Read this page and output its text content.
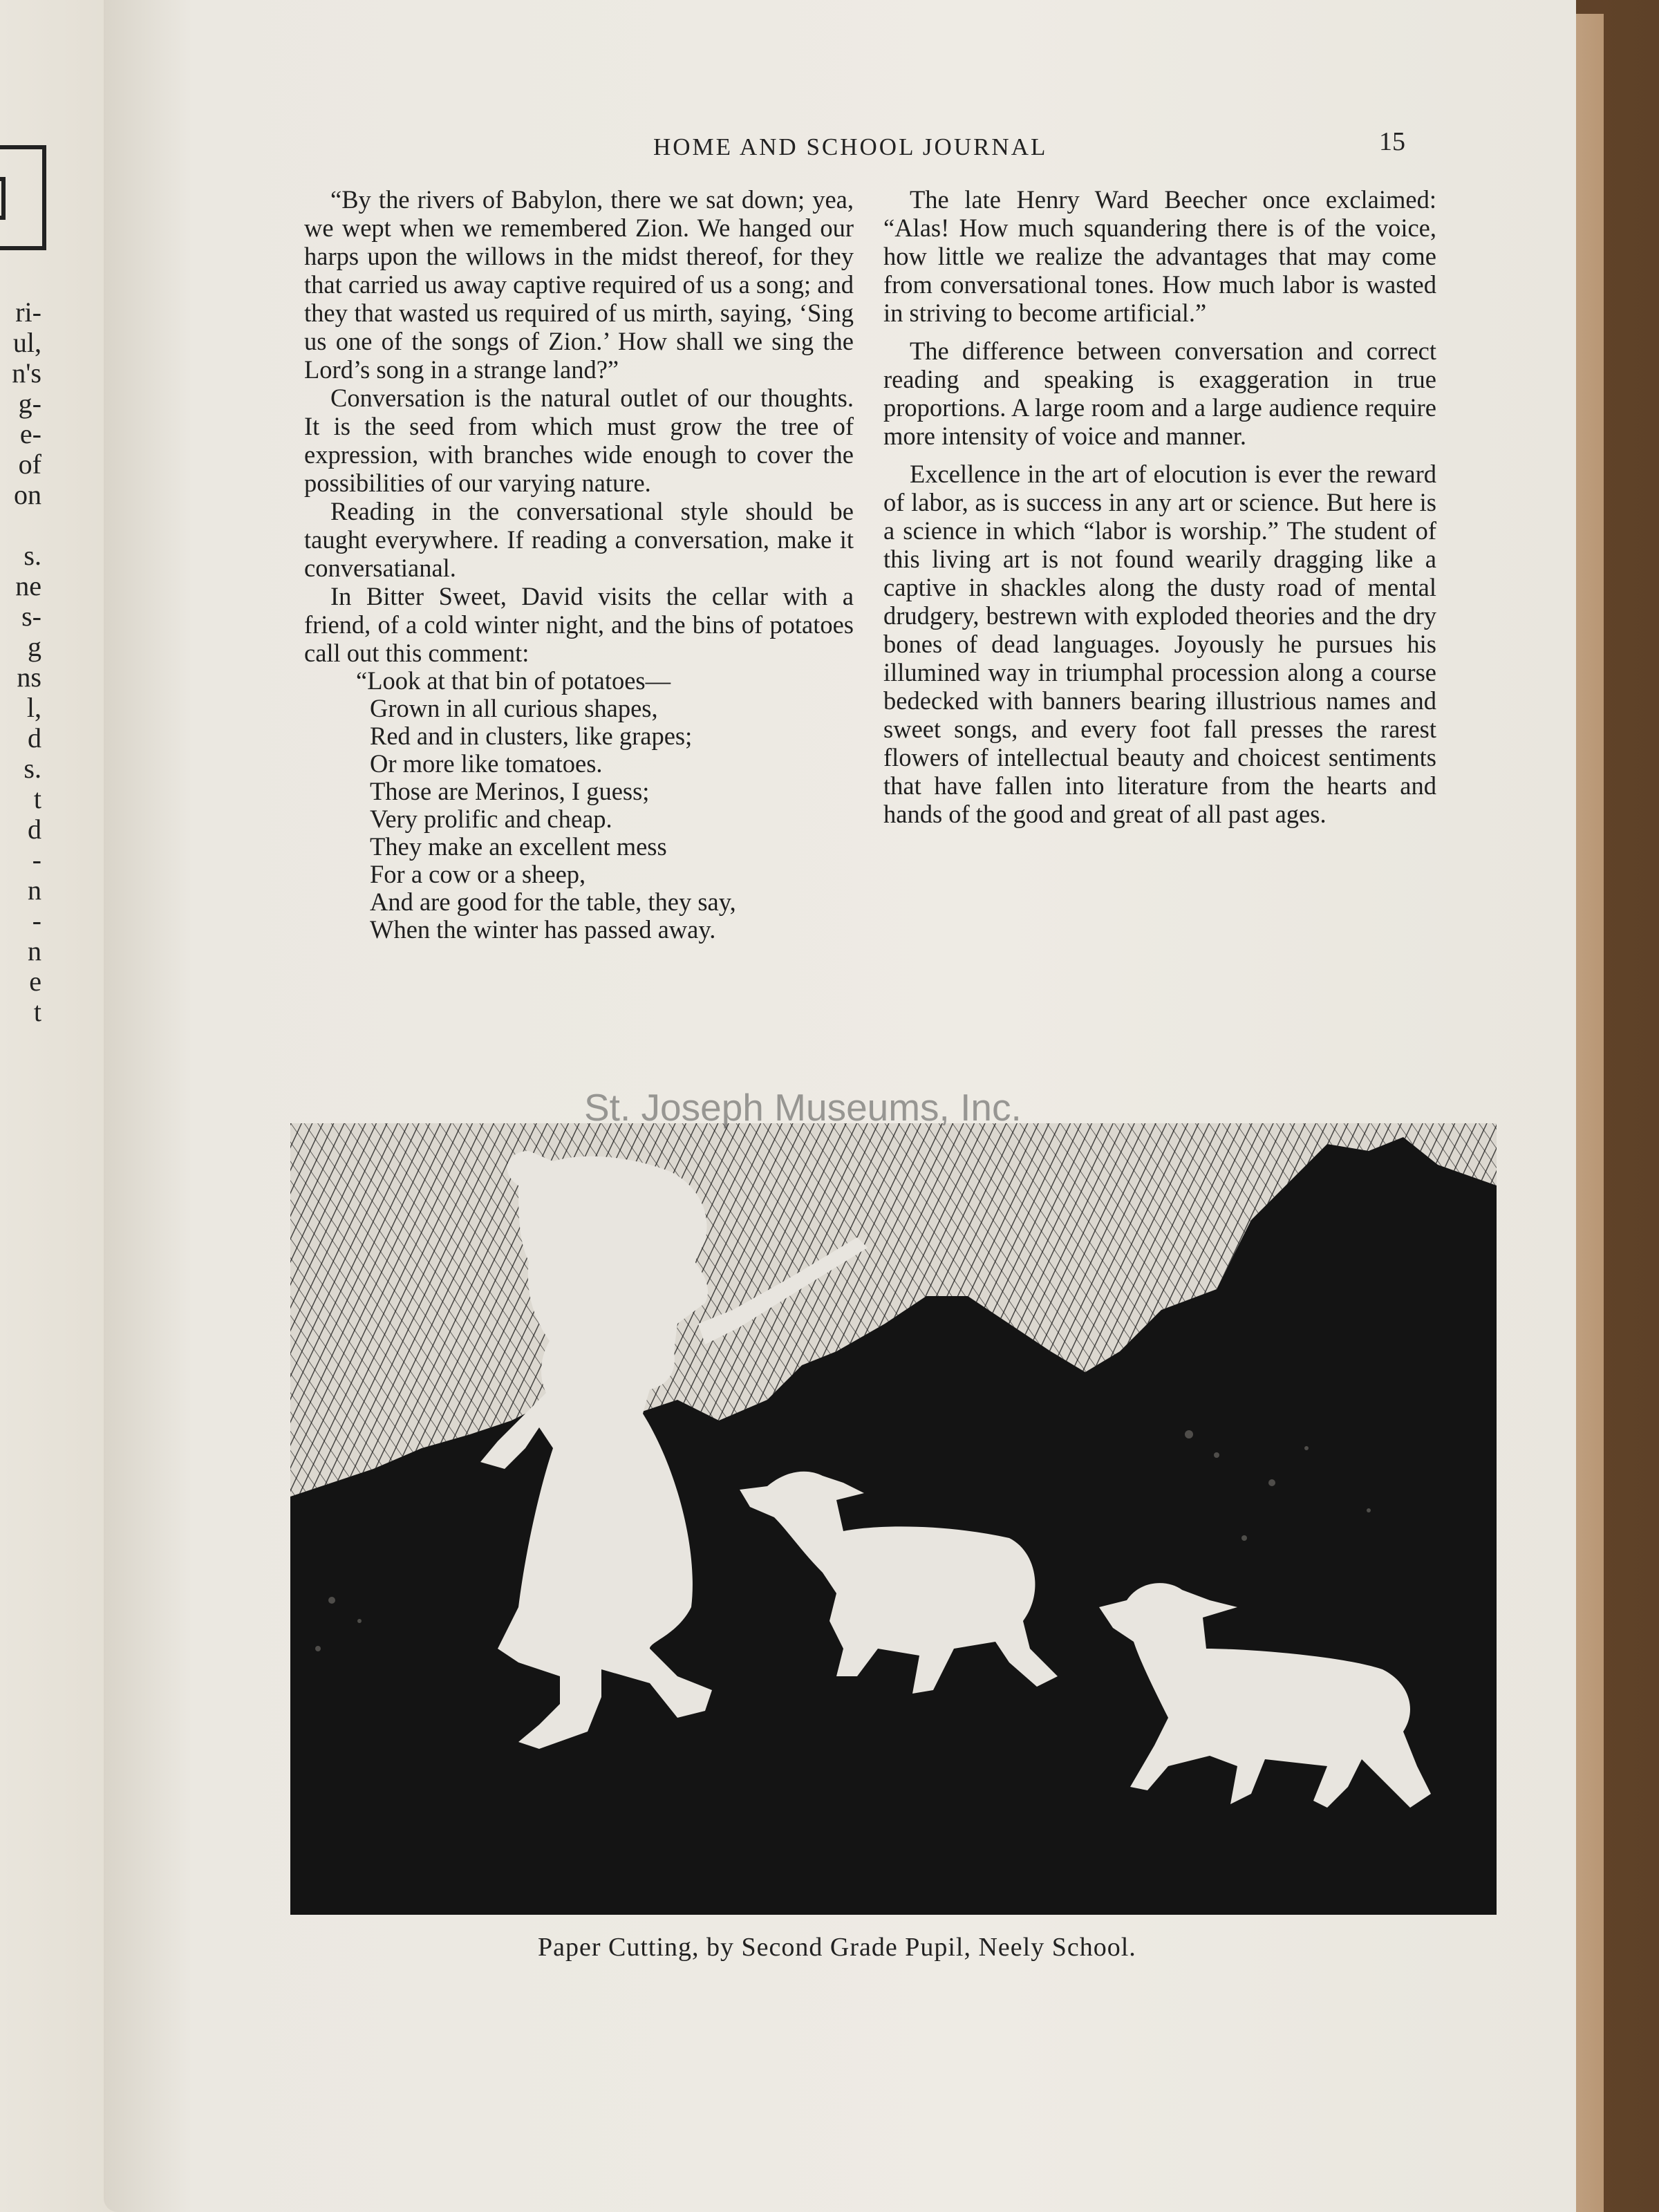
ri-
ul,
n's
g-
e-
of
on
s.
ne
s-
g
ns
l,
d
s.
t
d
-
n
-
n
e
t
HOME AND SCHOOL JOURNAL	15

“By the rivers of Babylon, there we sat down; yea, we wept when we remembered Zion. We hanged our harps upon the willows in the midst thereof, for they that carried us away captive required of us a song; and they that wasted us required of us mirth, saying, ‘Sing us one of the songs of Zion.’ How shall we sing the Lord’s song in a strange land?”

Conversation is the natural outlet of our thoughts. It is the seed from which must grow the tree of expression, with branches wide enough to cover the possibilities of our varying nature.

Reading in the conversational style should be taught everywhere. If reading a conversation, make it conversatianal.

In Bitter Sweet, David visits the cellar with a friend, of a cold winter night, and the bins of potatoes call out this comment:

“Look at that bin of potatoes—
Grown in all curious shapes,
Red and in clusters, like grapes;
Or more like tomatoes.
Those are Merinos, I guess;
Very prolific and cheap.
They make an excellent mess
For a cow or a sheep,
And are good for the table, they say,
When the winter has passed away.

The late Henry Ward Beecher once exclaimed: “Alas! How much squandering there is of the voice, how little we realize the advantages that may come from conversational tones. How much labor is wasted in striving to become artificial.”

The difference between conversation and correct reading and speaking is exaggeration in true proportions. A large room and a large audience require more intensity of voice and manner.

Excellence in the art of elocution is ever the reward of labor, as is success in any art or science. But here is a science in which “labor is worship.” The student of this living art is not found wearily dragging like a captive in shackles along the dusty road of mental drudgery, bestrewn with exploded theories and the dry bones of dead languages. Joyously he pursues his illumined way in triumphal procession along a course bedecked with banners bearing illustrious names and sweet songs, and every foot fall presses the rarest flowers of intellectual beauty and choicest sentiments that have fallen into literature from the hearts and hands of the good and great of all past ages.

St. Joseph Museums, Inc.
Paper Cutting, by Second Grade Pupil, Neely School.
